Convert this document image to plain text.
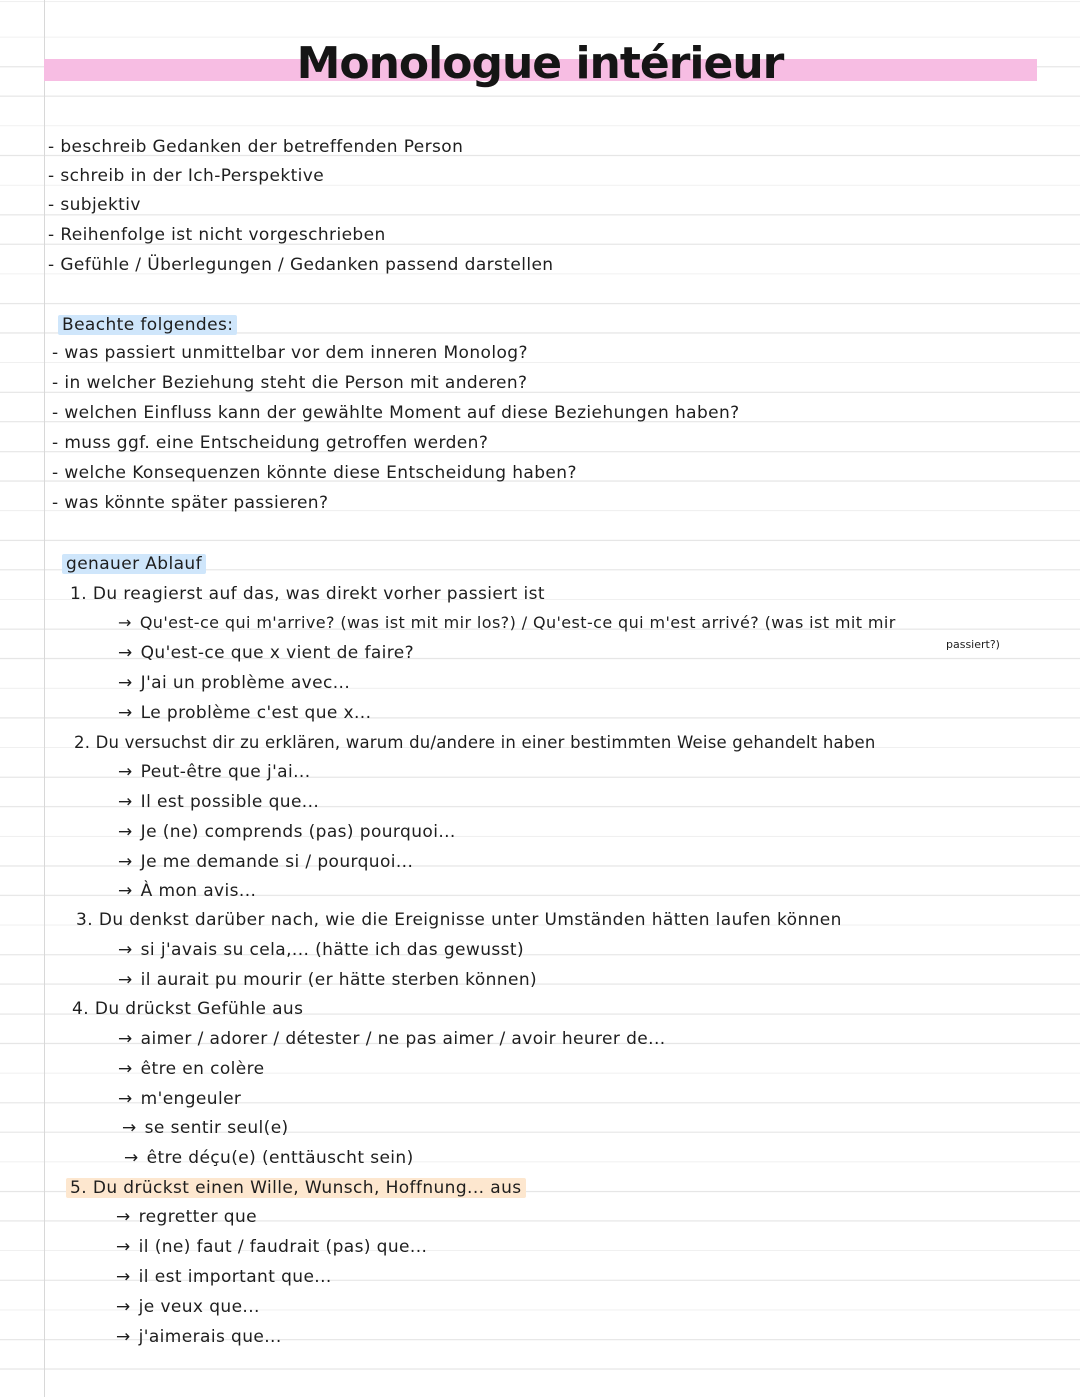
Monologue intérieur
- beschreib Gedanken der betreffenden Person
- schreib in der Ich-Perspektive
- subjektiv
- Reihenfolge ist nicht vorgeschrieben
- Gefühle / Überlegungen / Gedanken passend darstellen
Beachte folgendes:
- was passiert unmittelbar vor dem inneren Monolog?
- in welcher Beziehung steht die Person mit anderen?
- welchen Einfluss kann der gewählte Moment auf diese Beziehungen haben?
- muss ggf. eine Entscheidung getroffen werden?
- welche Konsequenzen könnte diese Entscheidung haben?
- was könnte später passieren?
genauer Ablauf
1. Du reagierst auf das, was direkt vorher passiert ist
→ Qu'est-ce qui m'arrive? (was ist mit mir los?) / Qu'est-ce qui m'est arrivé? (was ist mit mir
passiert?)
→ Qu'est-ce que x vient de faire?
→ J'ai un problème avec...
→ Le problème c'est que x...
2. Du versuchst dir zu erklären, warum du/andere in einer bestimmten Weise gehandelt haben
→ Peut-être que j'ai...
→ Il est possible que...
→ Je (ne) comprends (pas) pourquoi...
→ Je me demande si / pourquoi...
→ À mon avis...
3. Du denkst darüber nach, wie die Ereignisse unter Umständen hätten laufen können
→ si j'avais su cela,... (hätte ich das gewusst)
→ il aurait pu mourir (er hätte sterben können)
4. Du drückst Gefühle aus
→ aimer / adorer / détester / ne pas aimer / avoir heurer de...
→ être en colère
→ m'engeuler
→ se sentir seul(e)
→ être déçu(e) (enttäuscht sein)
5. Du drückst einen Wille, Wunsch, Hoffnung... aus
→ regretter que
→ il (ne) faut / faudrait (pas) que...
→ il est important que...
→ je veux que...
→ j'aimerais que...
